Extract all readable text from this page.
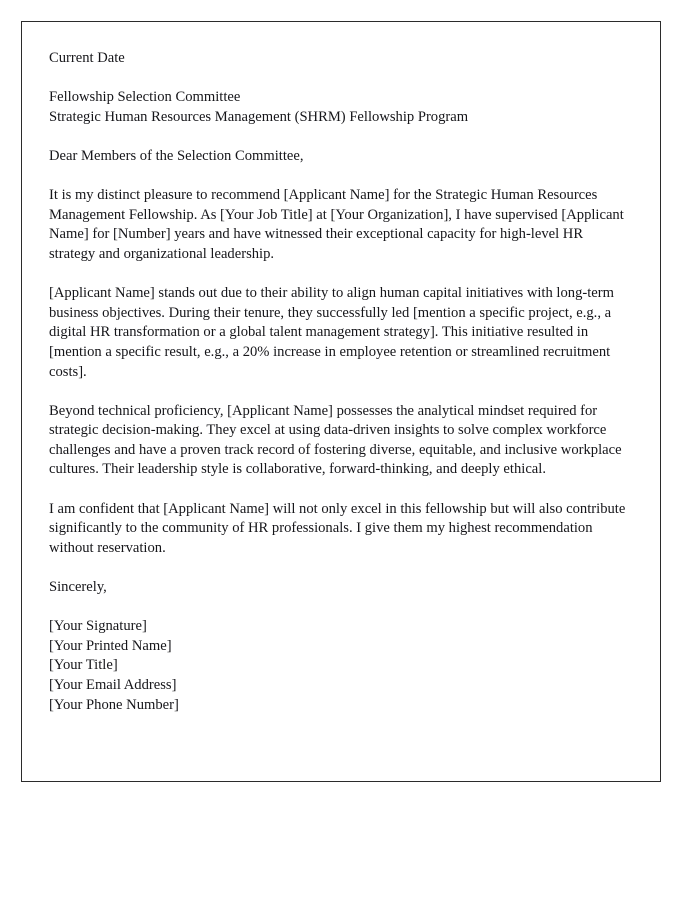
Current Date
Fellowship Selection Committee
Strategic Human Resources Management (SHRM) Fellowship Program
Dear Members of the Selection Committee,
It is my distinct pleasure to recommend [Applicant Name] for the Strategic Human Resources Management Fellowship. As [Your Job Title] at [Your Organization], I have supervised [Applicant Name] for [Number] years and have witnessed their exceptional capacity for high-level HR strategy and organizational leadership.
[Applicant Name] stands out due to their ability to align human capital initiatives with long-term business objectives. During their tenure, they successfully led [mention a specific project, e.g., a digital HR transformation or a global talent management strategy]. This initiative resulted in [mention a specific result, e.g., a 20% increase in employee retention or streamlined recruitment costs].
Beyond technical proficiency, [Applicant Name] possesses the analytical mindset required for strategic decision-making. They excel at using data-driven insights to solve complex workforce challenges and have a proven track record of fostering diverse, equitable, and inclusive workplace cultures. Their leadership style is collaborative, forward-thinking, and deeply ethical.
I am confident that [Applicant Name] will not only excel in this fellowship but will also contribute significantly to the community of HR professionals. I give them my highest recommendation without reservation.
Sincerely,
[Your Signature]
[Your Printed Name]
[Your Title]
[Your Email Address]
[Your Phone Number]
